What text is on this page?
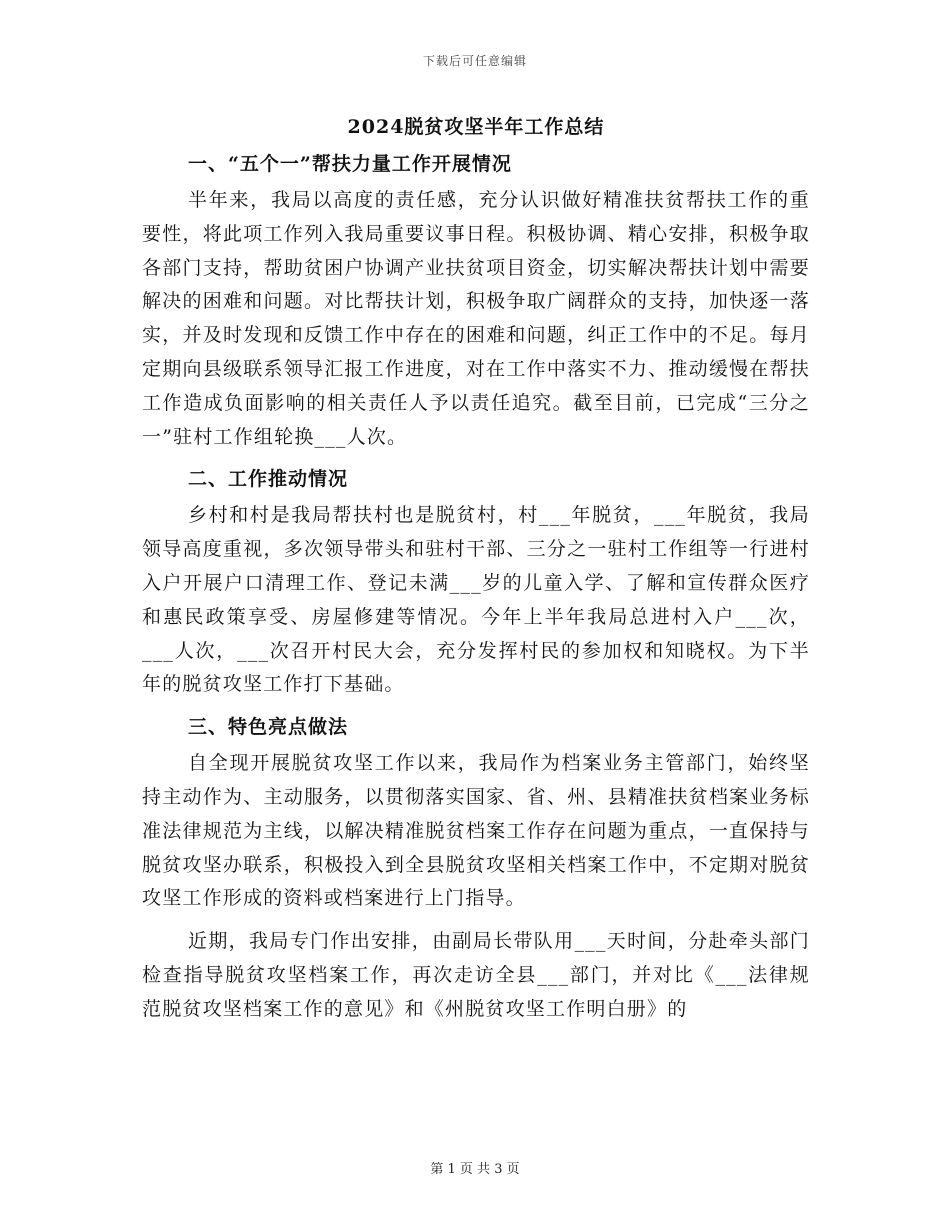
下载后可任意编辑
2024脱贫攻坚半年工作总结
一、“五个一”帮扶力量工作开展情况

半年来，我局以高度的责任感，充分认识做好精准扶贫帮扶工作的重要性，将此项工作列入我局重要议事日程。积极协调、精心安排，积极争取各部门支持，帮助贫困户协调产业扶贫项目资金，切实解决帮扶计划中需要解决的困难和问题。对比帮扶计划，积极争取广阔群众的支持，加快逐一落实，并及时发现和反馈工作中存在的困难和问题，纠正工作中的不足。每月定期向县级联系领导汇报工作进度，对在工作中落实不力、推动缓慢在帮扶工作造成负面影响的相关责任人予以责任追究。截至目前，已完成“三分之一”驻村工作组轮换___人次。

二、工作推动情况

乡村和村是我局帮扶村也是脱贫村，村___年脱贫，___年脱贫，我局领导高度重视，多次领导带头和驻村干部、三分之一驻村工作组等一行进村入户开展户口清理工作、登记未满___岁的儿童入学、了解和宣传群众医疗和惠民政策享受、房屋修建等情况。今年上半年我局总进村入户___次，___人次，___次召开村民大会，充分发挥村民的参加权和知晓权。为下半年的脱贫攻坚工作打下基础。

三、特色亮点做法

自全现开展脱贫攻坚工作以来，我局作为档案业务主管部门，始终坚持主动作为、主动服务，以贯彻落实国家、省、州、县精准扶贫档案业务标准法律规范为主线，以解决精准脱贫档案工作存在问题为重点，一直保持与脱贫攻坚办联系，积极投入到全县脱贫攻坚相关档案工作中，不定期对脱贫攻坚工作形成的资料或档案进行上门指导。

近期，我局专门作出安排，由副局长带队用___天时间，分赴牵头部门检查指导脱贫攻坚档案工作，再次走访全县___部门，并对比《___法律规范脱贫攻坚档案工作的意见》和《州脱贫攻坚工作明白册》的

第 1 页 共 3 页
